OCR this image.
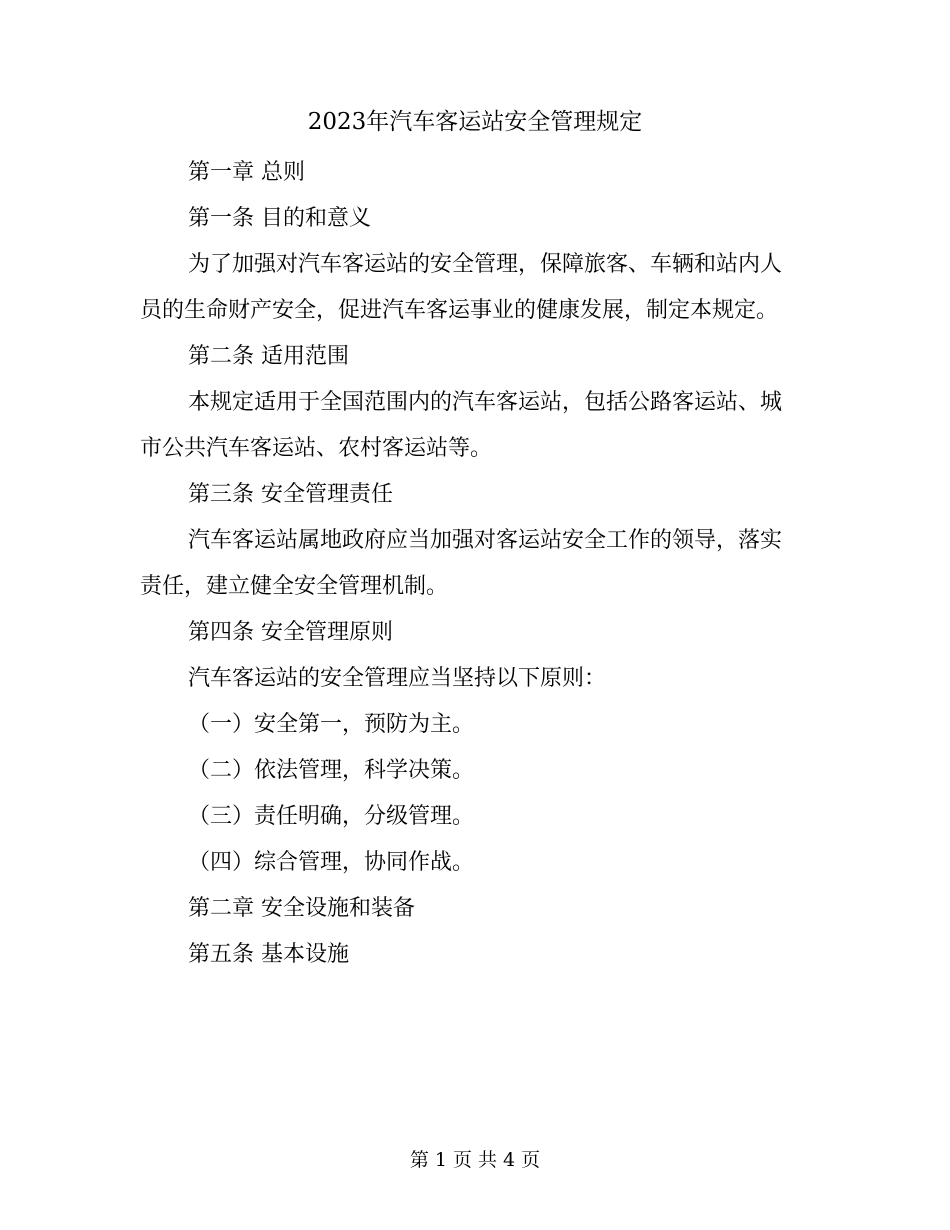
2023年汽车客运站安全管理规定

第一章 总则

第一条 目的和意义

为了加强对汽车客运站的安全管理，保障旅客、车辆和站内人员的生命财产安全，促进汽车客运事业的健康发展，制定本规定。

第二条 适用范围

本规定适用于全国范围内的汽车客运站，包括公路客运站、城市公共汽车客运站、农村客运站等。

第三条 安全管理责任

汽车客运站属地政府应当加强对客运站安全工作的领导，落实责任，建立健全安全管理机制。

第四条 安全管理原则

汽车客运站的安全管理应当坚持以下原则：

（一）安全第一，预防为主。

（二）依法管理，科学决策。

（三）责任明确，分级管理。

（四）综合管理，协同作战。

第二章 安全设施和装备

第五条 基本设施

第 1 页 共 4 页
